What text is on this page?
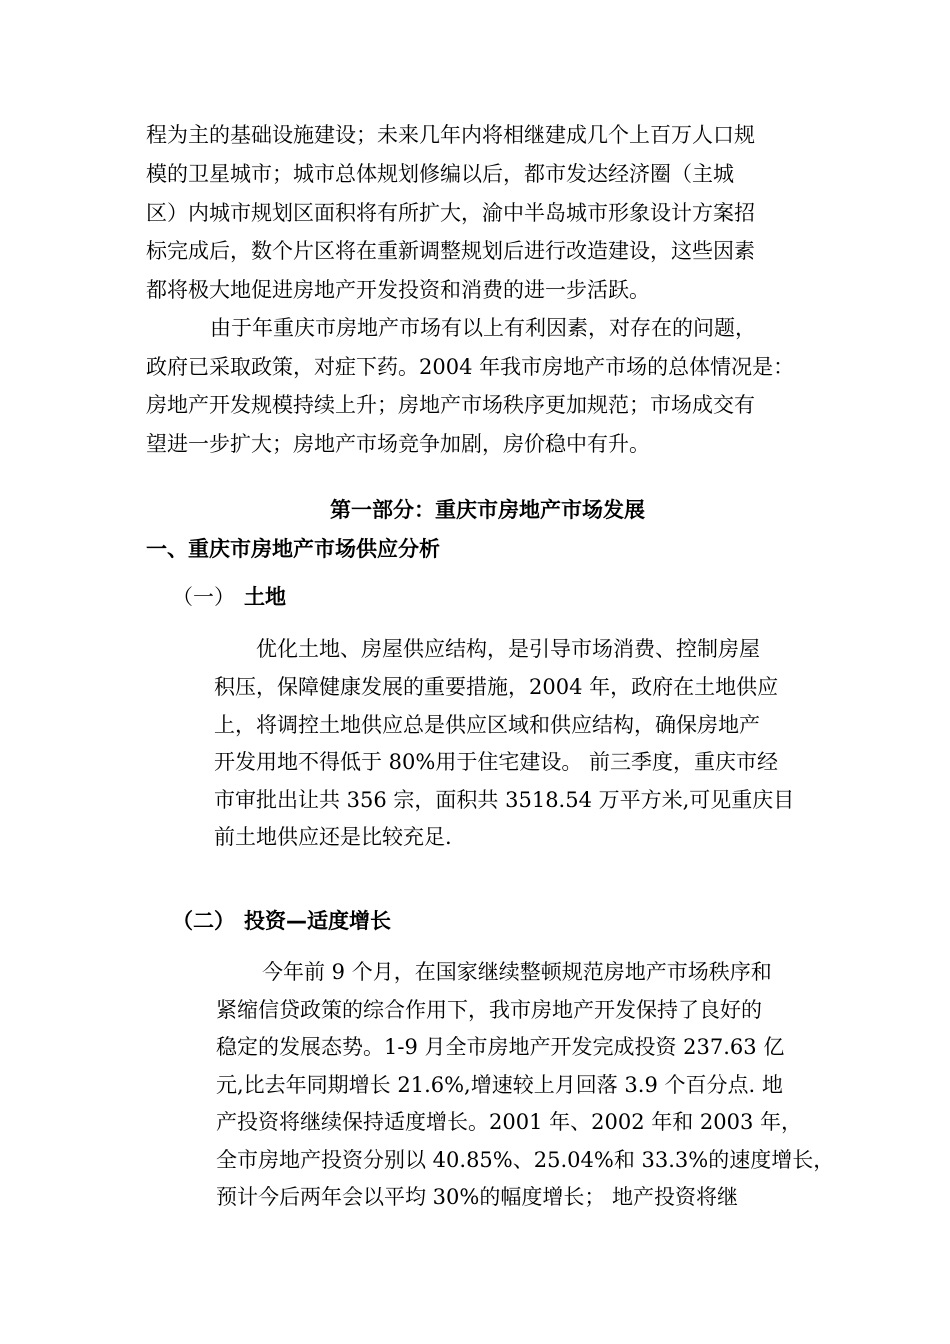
程为主的基础设施建设；未来几年内将相继建成几个上百万人口规
模的卫星城市；城市总体规划修编以后，都市发达经济圈（主城
区）内城市规划区面积将有所扩大，渝中半岛城市形象设计方案招
标完成后，数个片区将在重新调整规划后进行改造建设，这些因素
都将极大地促进房地产开发投资和消费的进一步活跃。
由于年重庆市房地产市场有以上有利因素，对存在的问题，
政府已采取政策，对症下药。2004 年我市房地产市场的总体情况是：
房地产开发规模持续上升；房地产市场秩序更加规范；市场成交有
望进一步扩大；房地产市场竞争加剧，房价稳中有升。
第一部分：重庆市房地产市场发展
一、重庆市房地产市场供应分析
（一） 土地
优化土地、房屋供应结构，是引导市场消费、控制房屋
积压，保障健康发展的重要措施，2004 年，政府在土地供应
上，将调控土地供应总是供应区域和供应结构，确保房地产
开发用地不得低于 80%用于住宅建设。 前三季度，重庆市经
市审批出让共 356 宗，面积共 3518.54 万平方米,可见重庆目
前土地供应还是比较充足.
（二） 投资—适度增长
今年前 9 个月，在国家继续整顿规范房地产市场秩序和
紧缩信贷政策的综合作用下，我市房地产开发保持了良好的
稳定的发展态势。1-9 月全市房地产开发完成投资 237.63 亿
元,比去年同期增长 21.6%,增速较上月回落 3.9 个百分点. 地
产投资将继续保持适度增长。2001 年、2002 年和 2003 年，
全市房地产投资分别以 40.85%、25.04%和 33.3%的速度增长，
预计今后两年会以平均 30%的幅度增长； 地产投资将继
